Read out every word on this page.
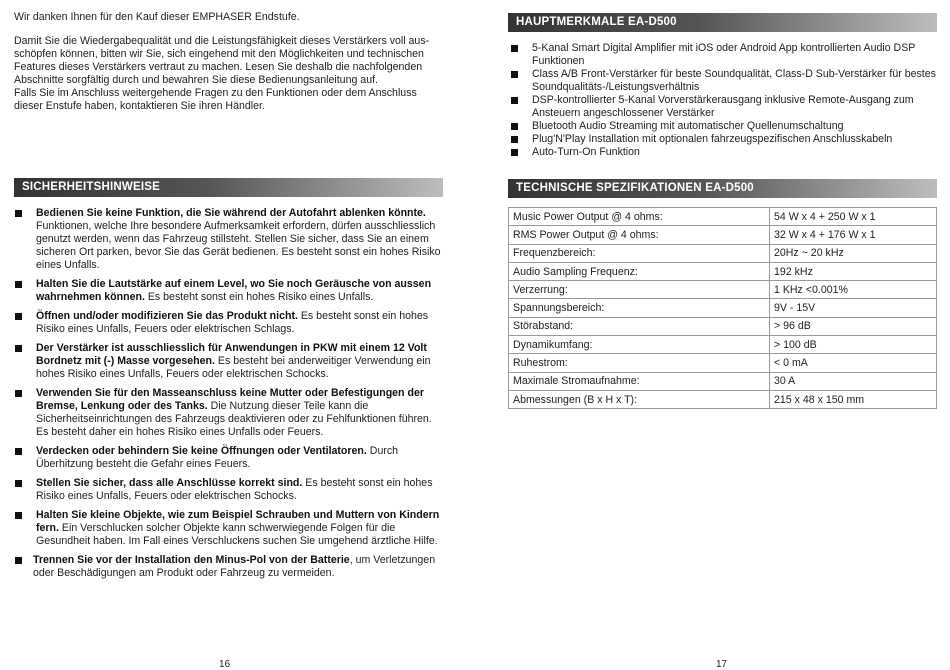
Wir danken Ihnen für den Kauf dieser EMPHASER Endstufe.

Damit Sie die Wiedergabequalität und die Leistungsfähigkeit dieses Verstärkers voll aus-
schöpfen können, bitten wir Sie, sich eingehend mit den Möglichkeiten und technischen
Features dieses Verstärkers vertraut zu machen. Lesen Sie deshalb die nachfolgenden
Abschnitte sorgfältig durch und bewahren Sie diese Bedienungsanleitung auf.
Falls Sie im Anschluss weitergehende Fragen zu den Funktionen oder dem Anschluss
dieser Enstufe haben, kontaktieren Sie ihren Händler.

SICHERHEITSHINWEISE
Bedienen Sie keine Funktion, die Sie während der Autofahrt ablenken könnte. Funktionen, welche Ihre besondere Aufmerksamkeit erfordern, dürfen ausschliesslich genutzt werden, wenn das Fahrzeug stillsteht. Stellen Sie sicher, dass Sie an einem sicheren Ort parken, bevor Sie das Gerät bedienen. Es besteht sonst ein hohes Risiko eines Unfalls.
Halten Sie die Lautstärke auf einem Level, wo Sie noch Geräusche von aussen wahrnehmen können. Es besteht sonst ein hohes Risiko eines Unfalls.
Öffnen und/oder modifizieren Sie das Produkt nicht. Es besteht sonst ein hohes Risiko eines Unfalls, Feuers oder elektrischen Schlags.
Der Verstärker ist ausschliesslich für Anwendungen in PKW mit einem 12 Volt Bordnetz mit (-) Masse vorgesehen. Es besteht bei anderweitiger Verwendung ein hohes Risiko eines Unfalls, Feuers oder elektrischen Schocks.
Verwenden Sie für den Masseanschluss keine Mutter oder Befestigungen der Bremse, Lenkung oder des Tanks. Die Nutzung dieser Teile kann die Sicherheitseinrichtungen des Fahrzeugs deaktivieren oder zu Fehlfunktionen führen. Es besteht daher ein hohes Risiko eines Unfalls oder Feuers.
Verdecken oder behindern Sie keine Öffnungen oder Ventilatoren. Durch Überhitzung besteht die Gefahr eines Feuers.
Stellen Sie sicher, dass alle Anschlüsse korrekt sind. Es besteht sonst ein hohes Risiko eines Unfalls, Feuers oder elektrischen Schocks.
Halten Sie kleine Objekte, wie zum Beispiel Schrauben und Muttern von Kindern fern. Ein Verschlucken solcher Objekte kann schwerwiegende Folgen für die Gesundheit haben. Im Fall eines Verschluckens suchen Sie umgehend ärztliche Hilfe.
Trennen Sie vor der Installation den Minus-Pol von der Batterie, um Verletzungen oder Beschädigungen am Produkt oder Fahrzeug zu vermeiden.
16
HAUPTMERKMALE EA-D500
5-Kanal Smart Digital Amplifier mit iOS oder Android App kontrollierten Audio DSP Funktionen
Class A/B Front-Verstärker für beste Soundqualität, Class-D Sub-Verstärker für bestes Soundqualitäts-/Leistungsverhältnis
DSP-kontrollierter 5-Kanal Vorverstärkerausgang inklusive Remote-Ausgang zum Ansteuern angeschlossener Verstärker
Bluetooth Audio Streaming mit automatischer Quellenumschaltung
Plug'N'Play Installation mit optionalen fahrzeugspezifischen Anschlusskabeln
Auto-Turn-On Funktion
TECHNISCHE SPEZIFIKATIONEN EA-D500
Music Power Output @ 4 ohms:	54 W x 4 + 250 W x 1
RMS Power Output @ 4 ohms:	32 W x 4 + 176 W x 1
Frequenzbereich:	20Hz ~ 20 kHz
Audio Sampling Frequenz:	192 kHz
Verzerrung:	1 KHz <0.001%
Spannungsbereich:	9V - 15V
Störabstand:	> 96 dB
Dynamikumfang:	> 100 dB
Ruhestrom:	< 0 mA
Maximale Stromaufnahme:	30 A
Abmessungen (B x H x T):	215 x 48 x 150 mm
17
